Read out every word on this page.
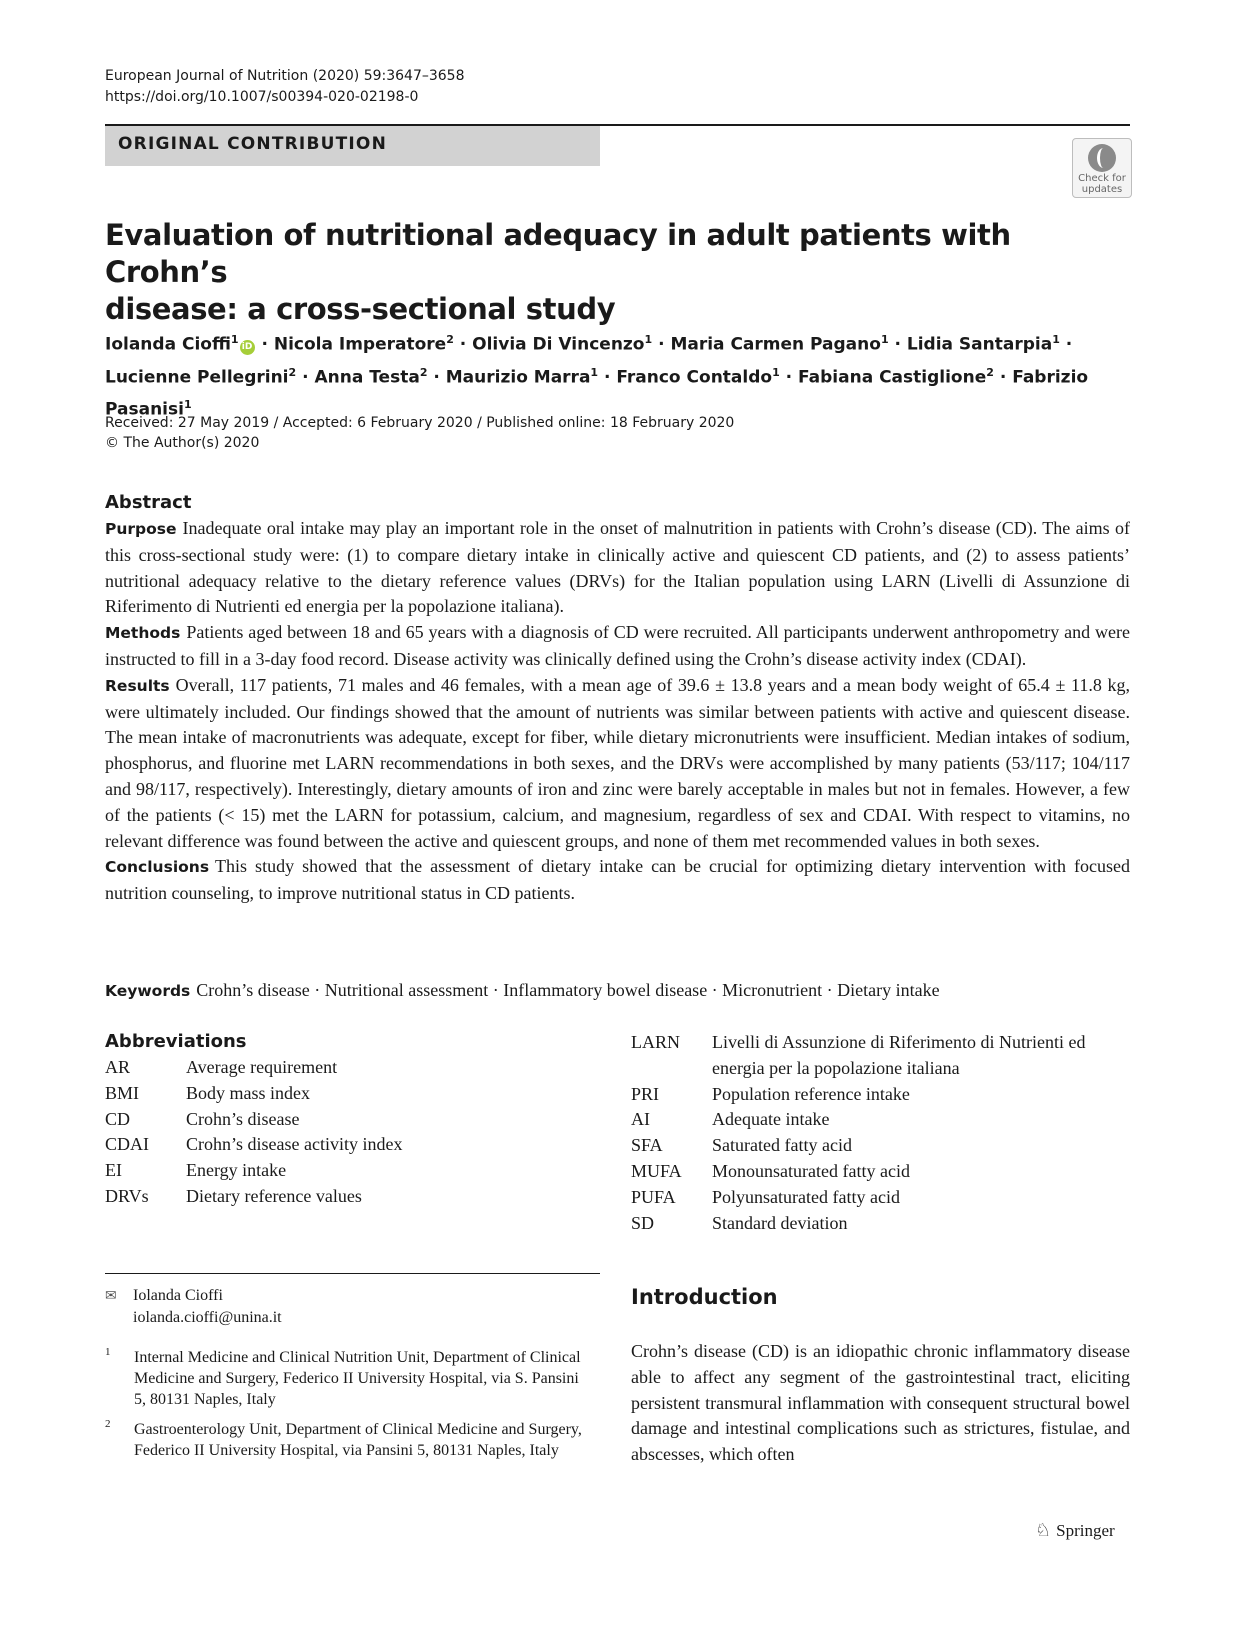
European Journal of Nutrition (2020) 59:3647–3658
https://doi.org/10.1007/s00394-020-02198-0
ORIGINAL CONTRIBUTION
Check for
updates
Evaluation of nutritional adequacy in adult patients with Crohn’s
disease: a cross-sectional study
Iolanda Cioffi$^1$iD · Nicola Imperatore$^2$ · Olivia Di Vincenzo$^1$ · Maria Carmen Pagano$^1$ · Lidia Santarpia$^1$ ·
Lucienne Pellegrini$^2$ · Anna Testa$^2$ · Maurizio Marra$^1$ · Franco Contaldo$^1$ · Fabiana Castiglione$^2$ · Fabrizio Pasanisi$^1$
Received: 27 May 2019 / Accepted: 6 February 2020 / Published online: 18 February 2020
© The Author(s) 2020
Abstract
Purpose Inadequate oral intake may play an important role in the onset of malnutrition in patients with Crohn’s disease (CD). The aims of this cross-sectional study were: (1) to compare dietary intake in clinically active and quiescent CD patients, and (2) to assess patients’ nutritional adequacy relative to the dietary reference values (DRVs) for the Italian population using LARN (Livelli di Assunzione di Riferimento di Nutrienti ed energia per la popolazione italiana).
Methods Patients aged between 18 and 65 years with a diagnosis of CD were recruited. All participants underwent anthropometry and were instructed to fill in a 3-day food record. Disease activity was clinically defined using the Crohn’s disease activity index (CDAI).
Results Overall, 117 patients, 71 males and 46 females, with a mean age of 39.6 ± 13.8 years and a mean body weight of 65.4 ± 11.8 kg, were ultimately included. Our findings showed that the amount of nutrients was similar between patients with active and quiescent disease. The mean intake of macronutrients was adequate, except for fiber, while dietary micronutrients were insufficient. Median intakes of sodium, phosphorus, and fluorine met LARN recommendations in both sexes, and the DRVs were accomplished by many patients (53/117; 104/117 and 98/117, respectively). Interestingly, dietary amounts of iron and zinc were barely acceptable in males but not in females. However, a few of the patients (< 15) met the LARN for potassium, calcium, and magnesium, regardless of sex and CDAI. With respect to vitamins, no relevant difference was found between the active and quiescent groups, and none of them met recommended values in both sexes.
Conclusions This study showed that the assessment of dietary intake can be crucial for optimizing dietary intervention with focused nutrition counseling, to improve nutritional status in CD patients.
Keywords Crohn’s disease · Nutritional assessment · Inflammatory bowel disease · Micronutrient · Dietary intake
Abbreviations
AR	Average requirement
BMI	Body mass index
CD	Crohn’s disease
CDAI	Crohn’s disease activity index
EI	Energy intake
DRVs	Dietary reference values
LARN	Livelli di Assunzione di Riferimento di Nutrienti ed energia per la popolazione italiana
PRI	Population reference intake
AI	Adequate intake
SFA	Saturated fatty acid
MUFA	Monounsaturated fatty acid
PUFA	Polyunsaturated fatty acid
SD	Standard deviation
✉ Iolanda Cioffi
iolanda.cioffi@unina.it
1	Internal Medicine and Clinical Nutrition Unit, Department of Clinical Medicine and Surgery, Federico II University Hospital, via S. Pansini 5, 80131 Naples, Italy
2	Gastroenterology Unit, Department of Clinical Medicine and Surgery, Federico II University Hospital, via Pansini 5, 80131 Naples, Italy
Introduction
Crohn’s disease (CD) is an idiopathic chronic inflammatory disease able to affect any segment of the gastrointestinal tract, eliciting persistent transmural inflammation with consequent structural bowel damage and intestinal complications such as strictures, fistulae, and abscesses, which often
♘ Springer
